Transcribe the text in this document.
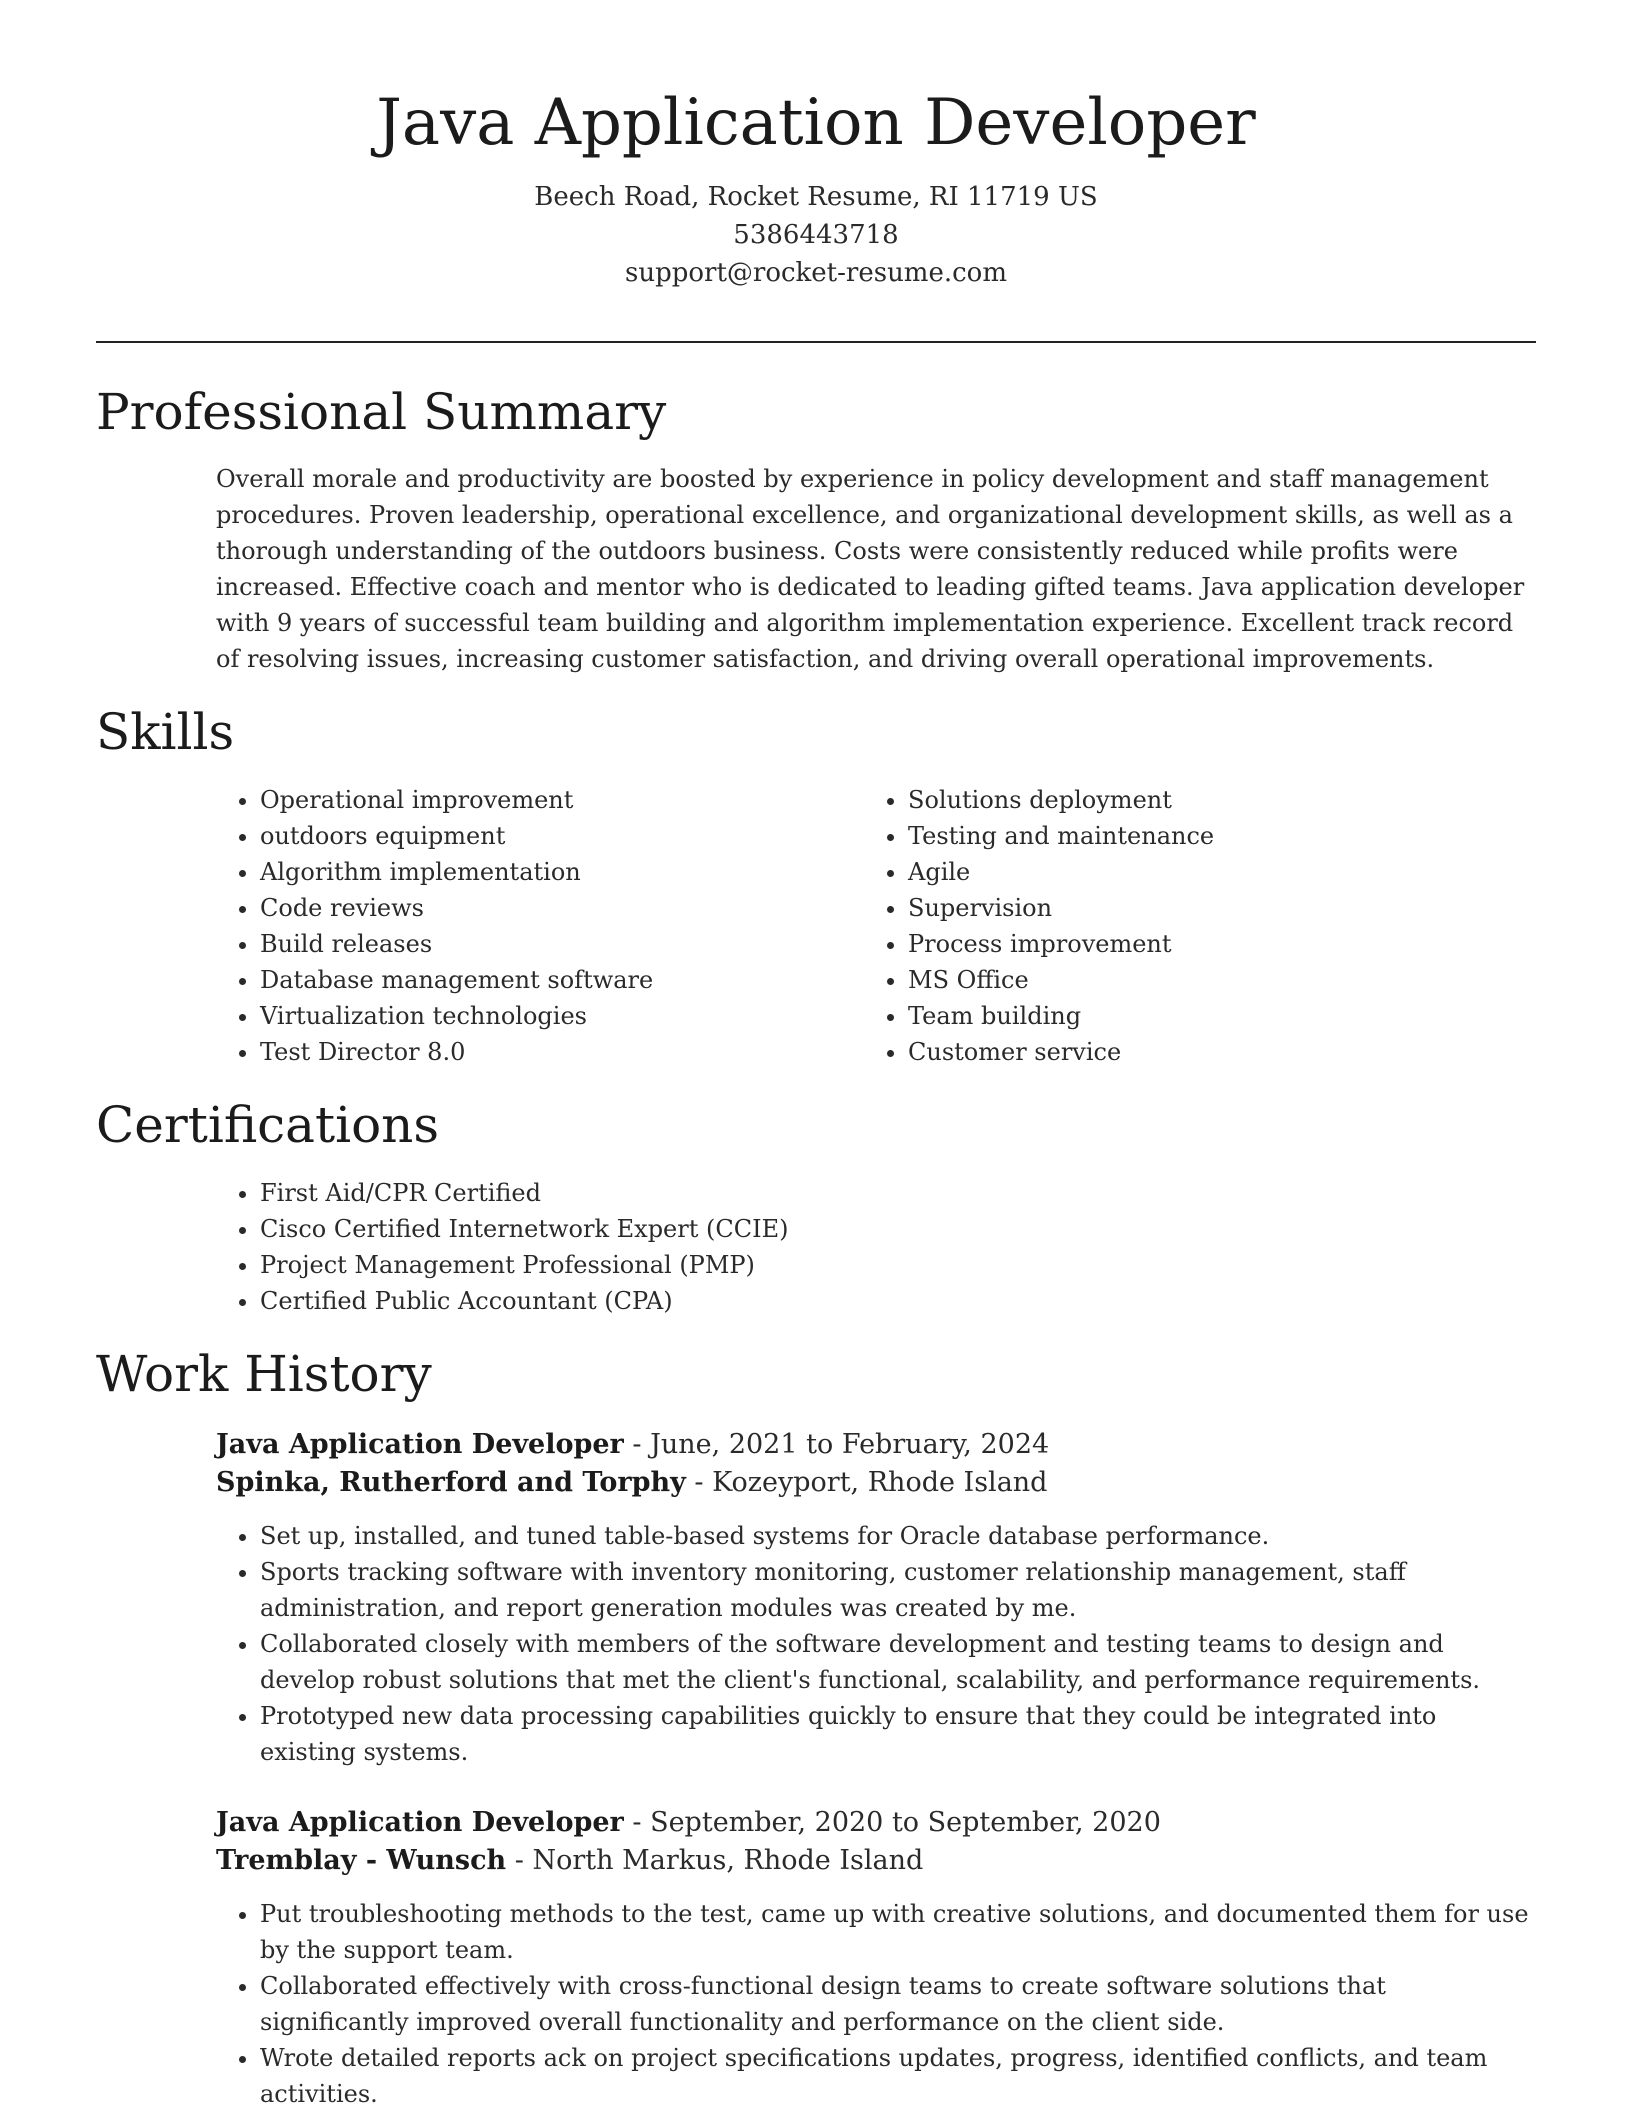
Java Application Developer
Beech Road, Rocket Resume, RI 11719 US
5386443718
support@rocket-resume.com
Professional Summary

Overall morale and productivity are boosted by experience in policy development and staff management procedures. Proven leadership, operational excellence, and organizational development skills, as well as a thorough understanding of the outdoors business. Costs were consistently reduced while profits were increased. Effective coach and mentor who is dedicated to leading gifted teams. Java application developer with 9 years of successful team building and algorithm implementation experience. Excellent track record of resolving issues, increasing customer satisfaction, and driving overall operational improvements.

Skills
• Operational improvement
• outdoors equipment
• Algorithm implementation
• Code reviews
• Build releases
• Database management software
• Virtualization technologies
• Test Director 8.0
• Solutions deployment
• Testing and maintenance
• Agile
• Supervision
• Process improvement
• MS Office
• Team building
• Customer service
Certifications
• First Aid/CPR Certified
• Cisco Certified Internetwork Expert (CCIE)
• Project Management Professional (PMP)
• Certified Public Accountant (CPA)
Work History
Java Application Developer - June, 2021 to February, 2024
Spinka, Rutherford and Torphy - Kozeyport, Rhode Island
• Set up, installed, and tuned table-based systems for Oracle database performance.
• Sports tracking software with inventory monitoring, customer relationship management, staff administration, and report generation modules was created by me.
• Collaborated closely with members of the software development and testing teams to design and develop robust solutions that met the client's functional, scalability, and performance requirements.
• Prototyped new data processing capabilities quickly to ensure that they could be integrated into existing systems.
Java Application Developer - September, 2020 to September, 2020
Tremblay - Wunsch - North Markus, Rhode Island
• Put troubleshooting methods to the test, came up with creative solutions, and documented them for use by the support team.
• Collaborated effectively with cross-functional design teams to create software solutions that significantly improved overall functionality and performance on the client side.
• Wrote detailed reports ack on project specifications updates, progress, identified conflicts, and team activities.
